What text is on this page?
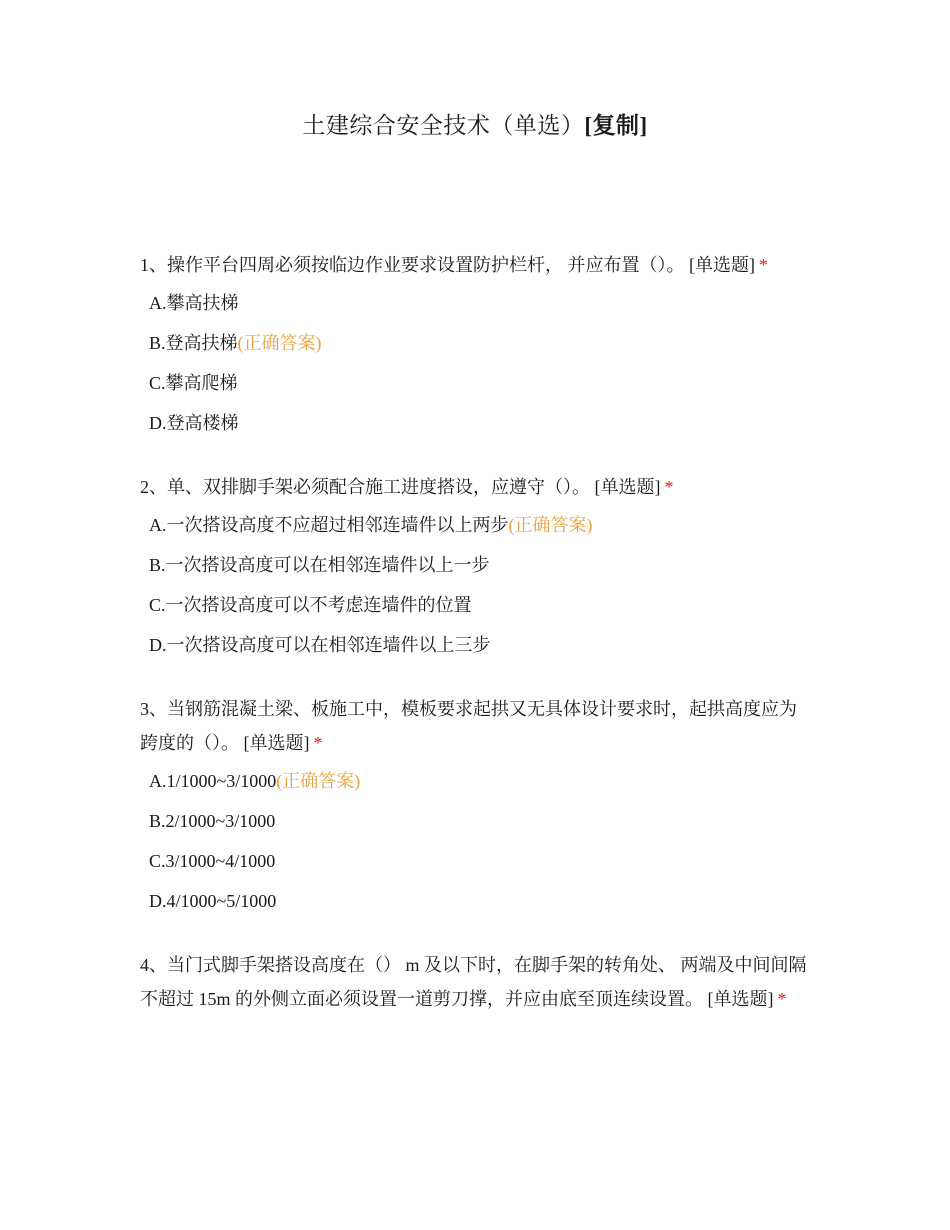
土建综合安全技术（单选）[复制]

1、操作平台四周必须按临边作业要求设置防护栏杆， 并应布置（）。 [单选题] *

A.攀高扶梯
B.登高扶梯(正确答案)
C.攀高爬梯
D.登高楼梯

2、单、双排脚手架必须配合施工进度搭设，应遵守（）。 [单选题] *

A.一次搭设高度不应超过相邻连墙件以上两步(正确答案)
B.一次搭设高度可以在相邻连墙件以上一步
C.一次搭设高度可以不考虑连墙件的位置
D.一次搭设高度可以在相邻连墙件以上三步

3、当钢筋混凝土梁、板施工中，模板要求起拱又无具体设计要求时，起拱高度应为跨度的（）。 [单选题] *

A.1/1000~3/1000(正确答案)
B.2/1000~3/1000
C.3/1000~4/1000
D.4/1000~5/1000

4、当门式脚手架搭设高度在（） m 及以下时，在脚手架的转角处、 两端及中间间隔不超过 15m 的外侧立面必须设置一道剪刀撑，并应由底至顶连续设置。 [单选题] *
